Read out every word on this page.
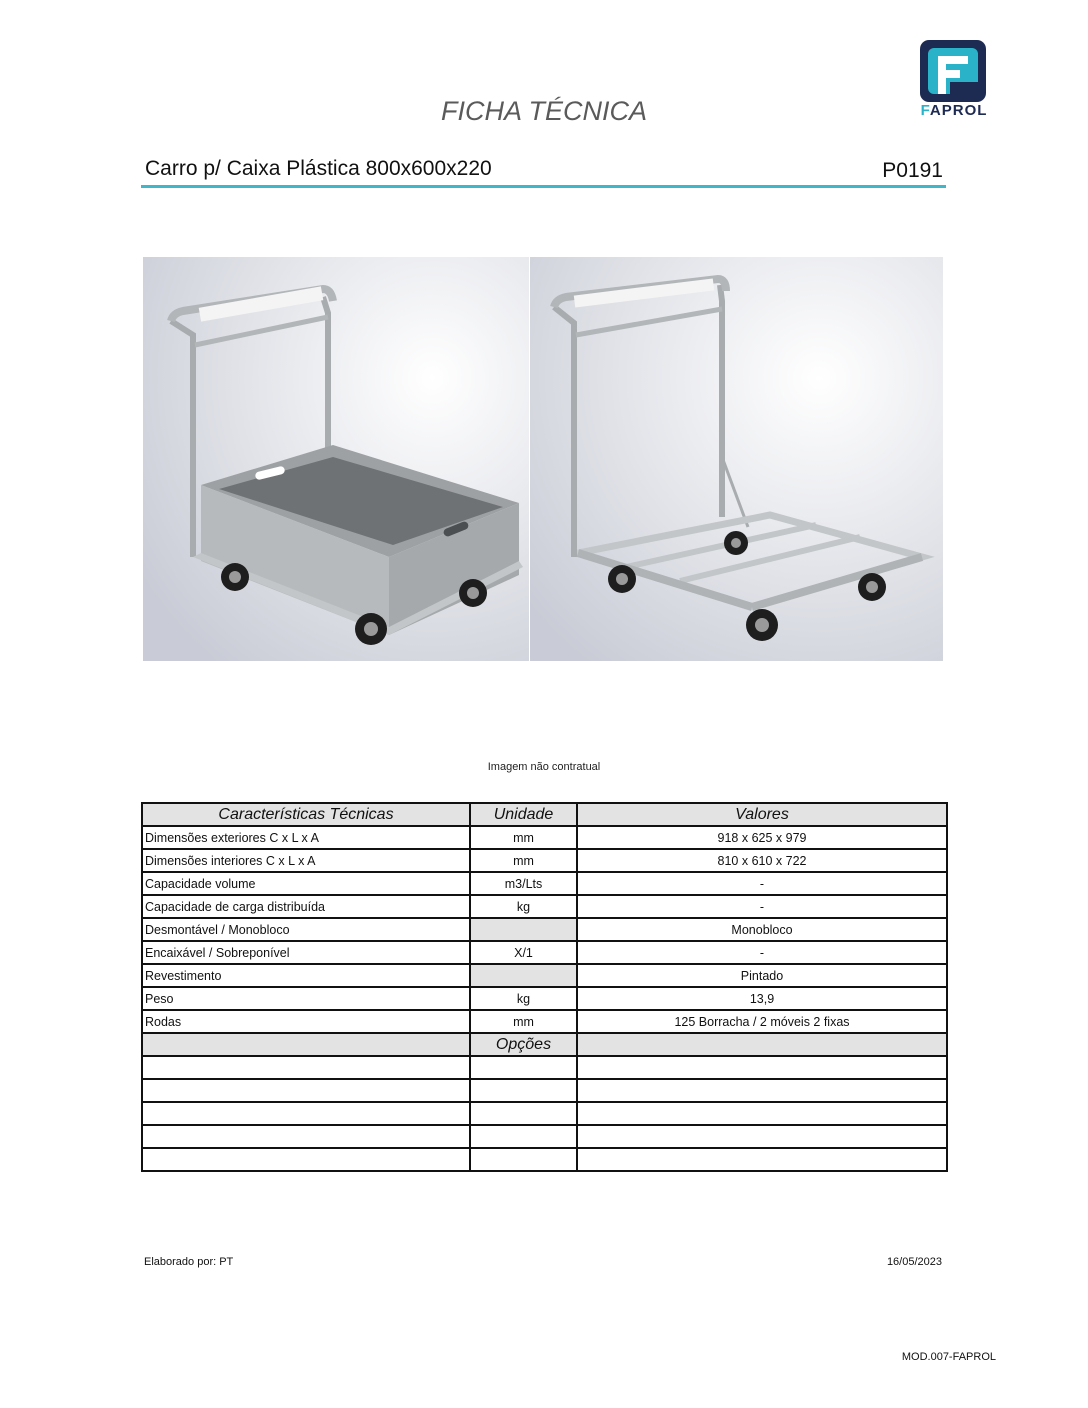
FAPROL
FICHA TÉCNICA
Carro p/ Caixa Plástica 800x600x220	P0191
Imagem não contratual
Características Técnicas	Unidade	Valores
Dimensões exteriores C x L x A	mm	918 x 625 x 979
Dimensões interiores C x L x A	mm	810 x 610 x 722
Capacidade volume	m3/Lts	-
Capacidade de carga distribuída	kg	-
Desmontável / Monobloco		Monobloco
Encaixável / Sobreponível	X/1	-
Revestimento		Pintado
Peso	kg	13,9
Rodas	mm	125 Borracha / 2 móveis 2 fixas
	Opções	

Elaborado por: PT	16/05/2023
MOD.007-FAPROL
